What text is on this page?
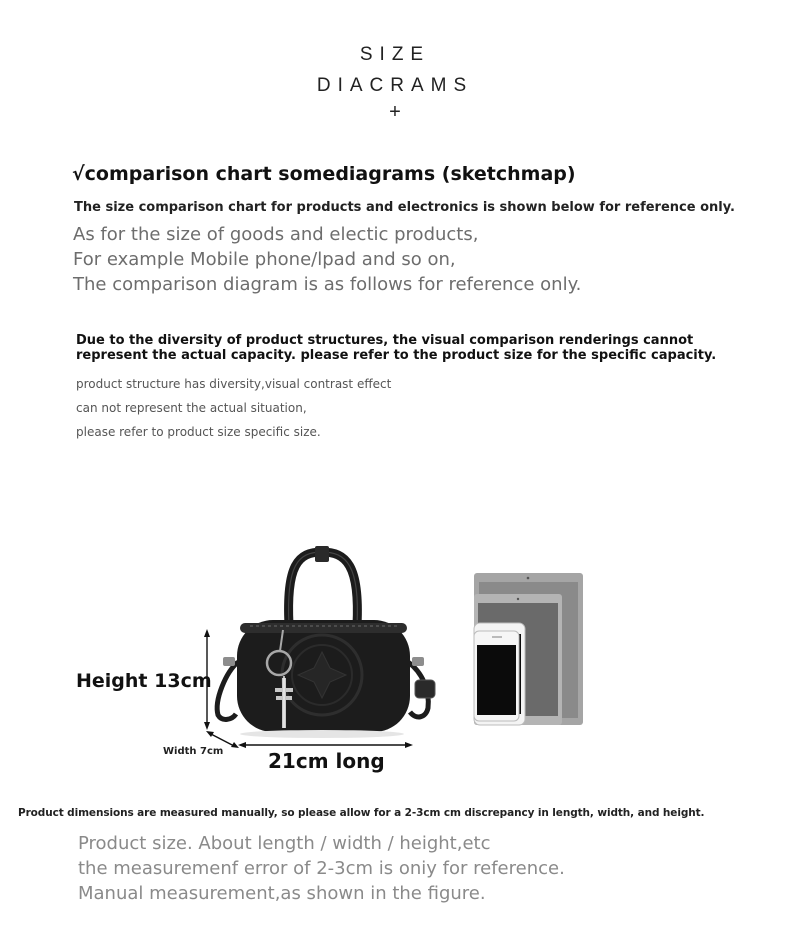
SIZE
DIACRAMS
+
√comparison chart somediagrams (sketchmap)
The size comparison chart for products and electronics is shown below for reference only.
As for the size of goods and electic products,
For example Mobile phone/lpad and so on,
The comparison diagram is as follows for reference only.
Due to the diversity of product structures, the visual comparison renderings cannot represent the actual capacity. please refer to the product size for the specific capacity.
product structure has diversity,visual contrast effect
can not represent the actual situation,
please refer to product size specific size.
Height 13cm
Width 7cm 21cm long
Product dimensions are measured manually, so please allow for a 2-3cm cm discrepancy in length, width, and height.
Product size. About length / width / height,etc
the measuremenf error of 2-3cm is oniy for reference.
Manual measurement,as shown in the figure.
